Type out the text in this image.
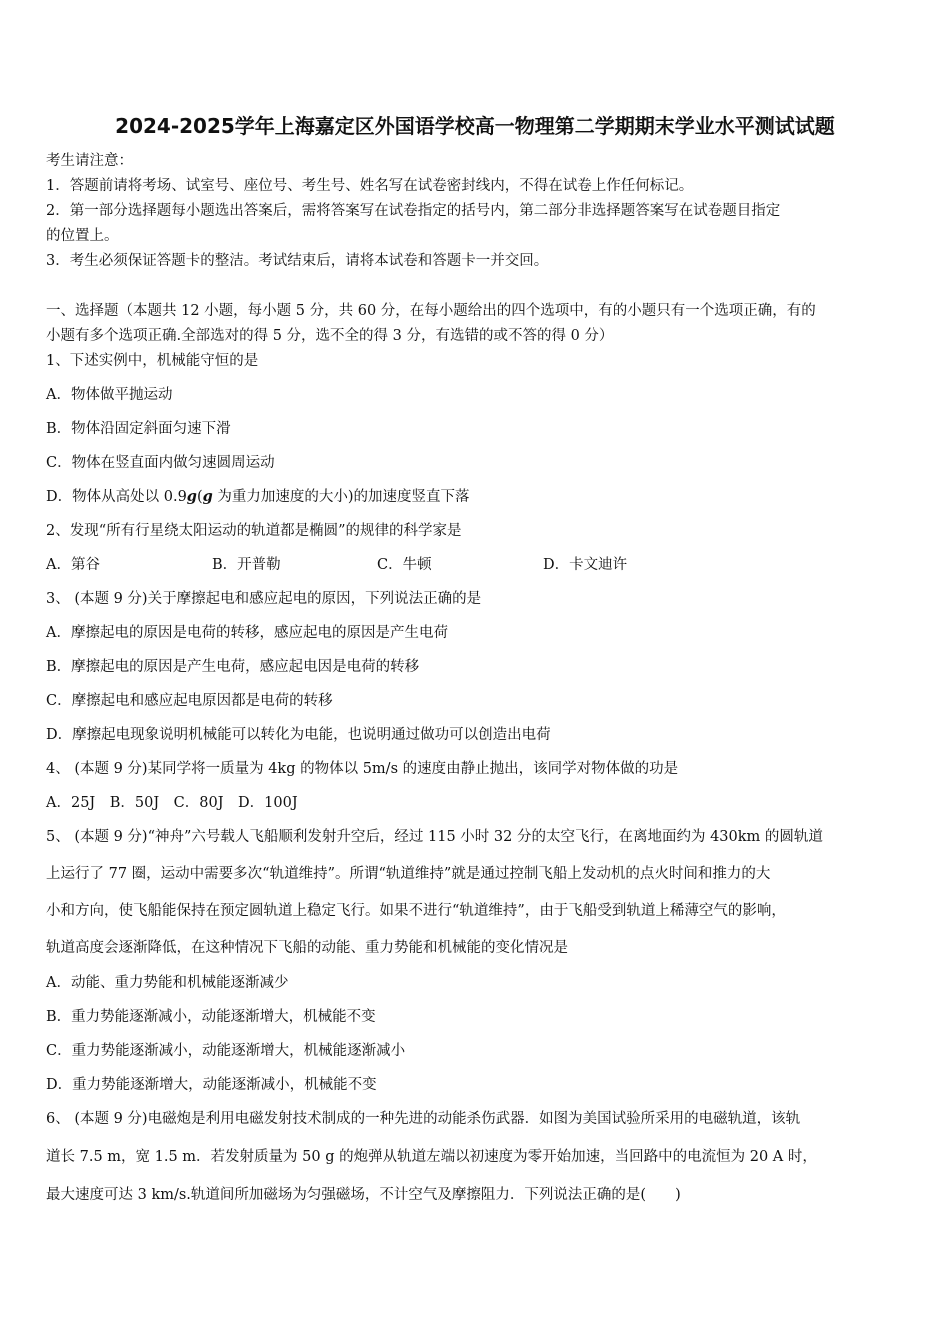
2024-2025学年上海嘉定区外国语学校高一物理第二学期期末学业水平测试试题
考生请注意：
1．答题前请将考场、试室号、座位号、考生号、姓名写在试卷密封线内，不得在试卷上作任何标记。
2．第一部分选择题每小题选出答案后，需将答案写在试卷指定的括号内，第二部分非选择题答案写在试卷题目指定
的位置上。
3．考生必须保证答题卡的整洁。考试结束后，请将本试卷和答题卡一并交回。
一、选择题（本题共 12 小题，每小题 5 分，共 60 分，在每小题给出的四个选项中，有的小题只有一个选项正确，有的
小题有多个选项正确.全部选对的得 5 分，选不全的得 3 分，有选错的或不答的得 0 分）
1、下述实例中，机械能守恒的是
A．物体做平抛运动
B．物体沿固定斜面匀速下滑
C．物体在竖直面内做匀速圆周运动
D．物体从高处以 0.9g(g 为重力加速度的大小)的加速度竖直下落
2、发现“所有行星绕太阳运动的轨道都是椭圆”的规律的科学家是
A．第谷	B．开普勒	C．牛顿	D．卡文迪许
3、 (本题 9 分)关于摩擦起电和感应起电的原因，下列说法正确的是
A．摩擦起电的原因是电荷的转移，感应起电的原因是产生电荷
B．摩擦起电的原因是产生电荷，感应起电因是电荷的转移
C．摩擦起电和感应起电原因都是电荷的转移
D．摩擦起电现象说明机械能可以转化为电能，也说明通过做功可以创造出电荷
4、 (本题 9 分)某同学将一质量为 4kg 的物体以 5m/s 的速度由静止抛出，该同学对物体做的功是
A．25J　B．50J　C．80J　D．100J
5、 (本题 9 分)“神舟”六号载人飞船顺利发射升空后，经过 115 小时 32 分的太空飞行，在离地面约为 430km 的圆轨道
上运行了 77 圈，运动中需要多次“轨道维持”。所谓“轨道维持”就是通过控制飞船上发动机的点火时间和推力的大
小和方向，使飞船能保持在预定圆轨道上稳定飞行。如果不进行“轨道维持”，由于飞船受到轨道上稀薄空气的影响，
轨道高度会逐渐降低，在这种情况下飞船的动能、重力势能和机械能的变化情况是
A．动能、重力势能和机械能逐渐减少
B．重力势能逐渐减小，动能逐渐增大，机械能不变
C．重力势能逐渐减小，动能逐渐增大，机械能逐渐减小
D．重力势能逐渐增大，动能逐渐减小，机械能不变
6、 (本题 9 分)电磁炮是利用电磁发射技术制成的一种先进的动能杀伤武器．如图为美国试验所采用的电磁轨道，该轨
道长 7.5 m，宽 1.5 m．若发射质量为 50 g 的炮弹从轨道左端以初速度为零开始加速，当回路中的电流恒为 20 A 时，
最大速度可达 3 km/s.轨道间所加磁场为匀强磁场，不计空气及摩擦阻力．下列说法正确的是(　　)
